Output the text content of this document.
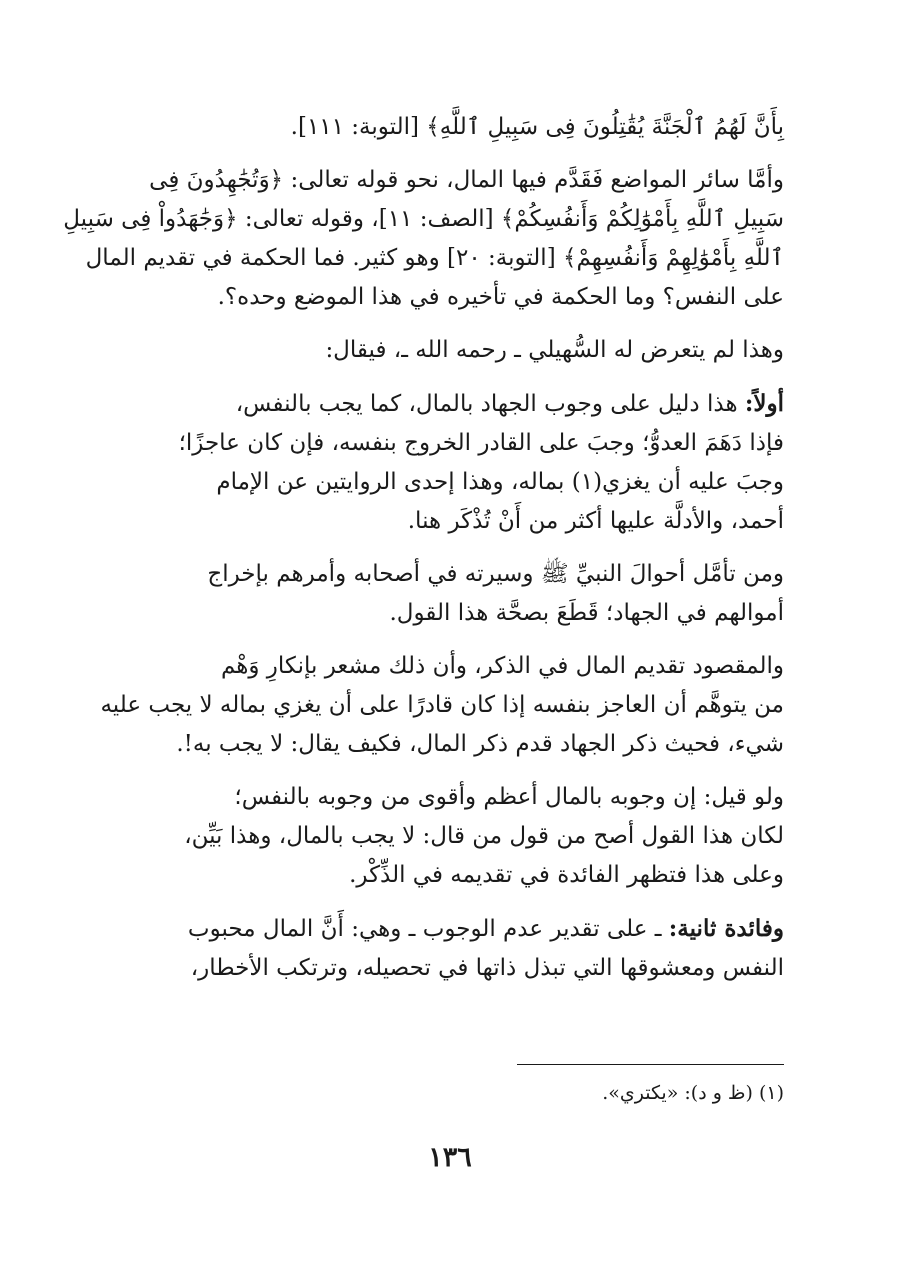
بِأَنَّ لَهُمُ ٱلْجَنَّةَ يُقَٰتِلُونَ فِى سَبِيلِ ٱللَّهِ﴾ [التوبة: ١١١].
وأمَّا سائر المواضع فَقَدَّم فيها المال، نحو قوله تعالى: ﴿وَتُجَٰهِدُونَ فِى
سَبِيلِ ٱللَّهِ بِأَمْوَٰلِكُمْ وَأَنفُسِكُمْ﴾ [الصف: ١١]، وقوله تعالى: ﴿وَجَٰهَدُواْ فِى سَبِيلِ
ٱللَّهِ بِأَمْوَٰلِهِمْ وَأَنفُسِهِمْ﴾ [التوبة: ٢٠] وهو كثير. فما الحكمة في تقديم المال
على النفس؟ وما الحكمة في تأخيره في هذا الموضع وحده؟.
وهذا لم يتعرض له السُّهيلي ـ رحمه الله ـ، فيقال:
أولاً: هذا دليل على وجوب الجهاد بالمال، كما يجب بالنفس،
فإذا دَهَمَ العدوُّ؛ وجبَ على القادر الخروج بنفسه، فإن كان عاجزًا؛
وجبَ عليه أن يغزي(١) بماله، وهذا إحدى الروايتين عن الإمام
أحمد، والأدلَّة عليها أكثر من أَنْ تُذْكَر هنا.
ومن تأمَّل أحوالَ النبيِّ ﷺ وسيرته في أصحابه وأمرهم بإخراج
أموالهم في الجهاد؛ قَطَعَ بصحَّة هذا القول.
والمقصود تقديم المال في الذكر، وأن ذلك مشعر بإنكارِ وَهْم
من يتوهَّم أن العاجز بنفسه إذا كان قادرًا على أن يغزي بماله لا يجب عليه
شيء، فحيث ذكر الجهاد قدم ذكر المال، فكيف يقال: لا يجب به!.
ولو قيل: إن وجوبه بالمال أعظم وأقوى من وجوبه بالنفس؛
لكان هذا القول أصح من قول من قال: لا يجب بالمال، وهذا بَيِّن،
وعلى هذا فتظهر الفائدة في تقديمه في الذِّكْر.
وفائدة ثانية: ـ على تقدير عدم الوجوب ـ وهي: أَنَّ المال محبوب
النفس ومعشوقها التي تبذل ذاتها في تحصيله، وترتكب الأخطار،
(١) (ظ و د): «يكتري».
١٣٦
